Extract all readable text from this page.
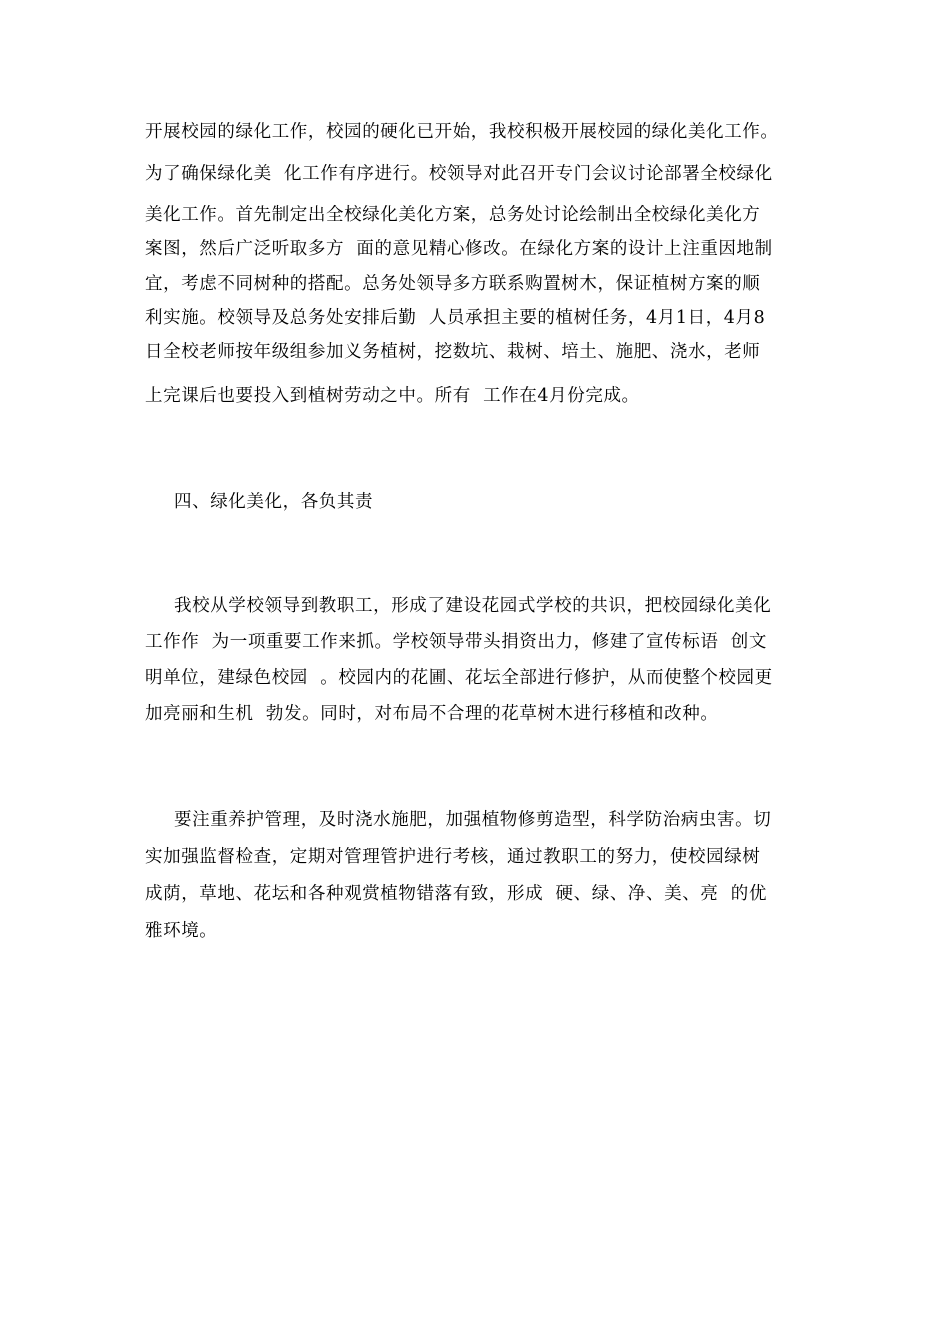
开展校园的绿化工作，校园的硬化已开始，我校积极开展校园的绿化美化工作。

为了确保绿化美  化工作有序进行。校领导对此召开专门会议讨论部署全校绿化

美化工作。首先制定出全校绿化美化方案，总务处讨论绘制出全校绿化美化方

案图，然后广泛听取多方  面的意见精心修改。在绿化方案的设计上注重因地制

宜，考虑不同树种的搭配。总务处领导多方联系购置树木，保证植树方案的顺

利实施。校领导及总务处安排后勤  人员承担主要的植树任务，4月1日，4月8

日全校老师按年级组参加义务植树，挖数坑、栽树、培土、施肥、浇水，老师

上完课后也要投入到植树劳动之中。所有  工作在4月份完成。

四、绿化美化，各负其责

我校从学校领导到教职工，形成了建设花园式学校的共识，把校园绿化美化

工作作  为一项重要工作来抓。学校领导带头捐资出力，修建了宣传标语  创文

明单位，建绿色校园  。校园内的花圃、花坛全部进行修护，从而使整个校园更

加亮丽和生机  勃发。同时，对布局不合理的花草树木进行移植和改种。

要注重养护管理，及时浇水施肥，加强植物修剪造型，科学防治病虫害。切

实加强监督检查，定期对管理管护进行考核，通过教职工的努力，使校园绿树

成荫，草地、花坛和各种观赏植物错落有致，形成  硬、绿、净、美、亮  的优

雅环境。
